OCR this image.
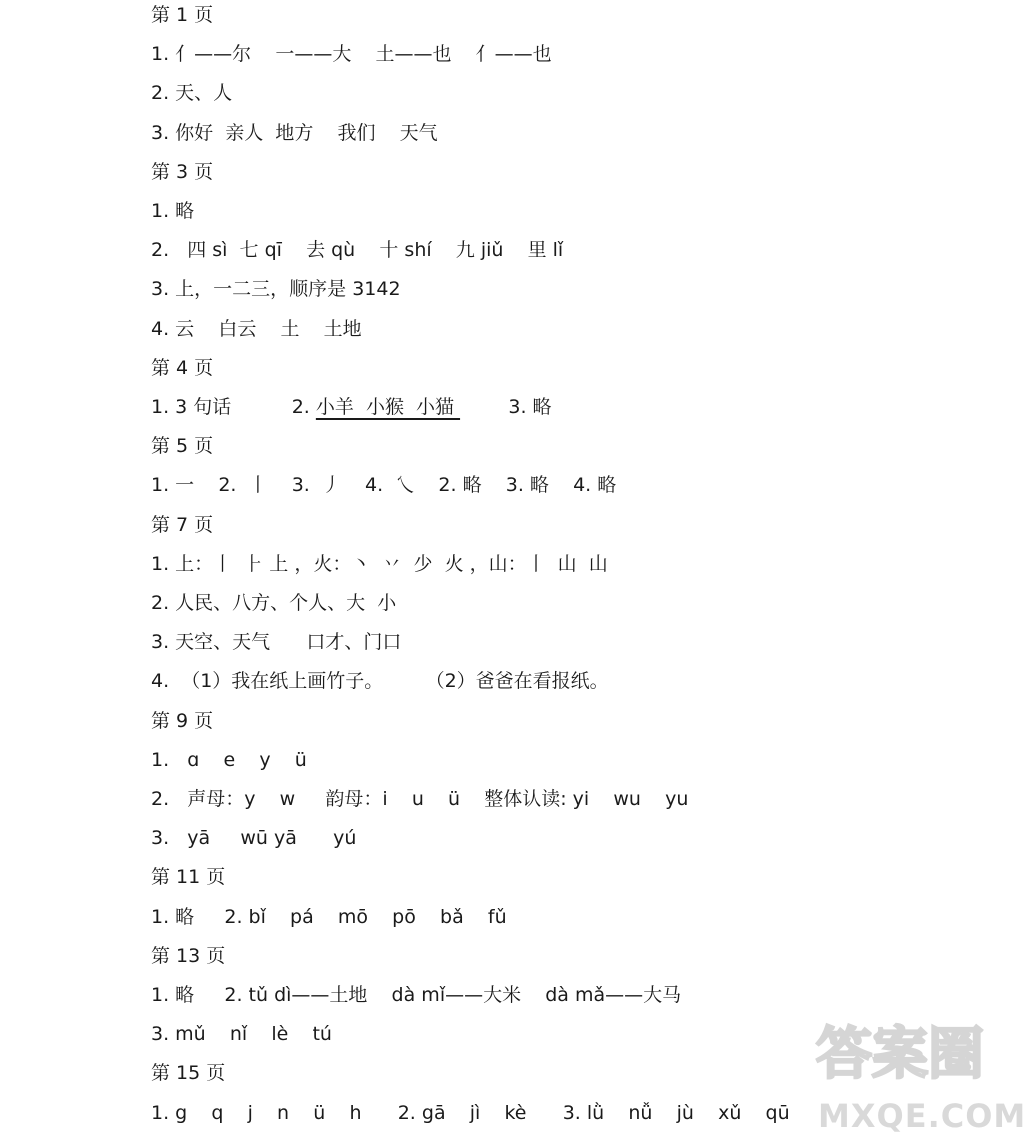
第 1 页
1. 亻——尔    一——大    土——也    亻——也
2. 天、人
3. 你好  亲人  地方    我们    天气
第 3 页
1. 略
2.   四 sì  七 qī    去 qù    十 shí    九 jiǔ    里 lǐ
3. 上，一二三，顺序是 3142
4. 云    白云    土    土地
第 4 页
1. 3 句话          2. 小羊  小猴  小猫         3. 略
第 5 页
1. 一    2.  丨    3.  丿    4.  乀    2. 略    3. 略    4. 略
第 7 页
1. 上：丨  ⺊ 上 ，火：丶  丷  少  火 ，山：丨  山  山
2. 人民、八方、个人、大  小
3. 天空、天气      口才、门口
4.  （1）我在纸上画竹子。       （2）爸爸在看报纸。
第 9 页
1.   ɑ    e    y    ü
2.   声母：y    w     韵母：i    u    ü    整体认读: yi    wu    yu
3.   yā     wū yā      yú
第 11 页
1. 略     2. bǐ    pá    mō    pō    bǎ    fǔ
第 13 页
1. 略     2. tǔ dì——土地    dà mǐ——大米    dà mǎ——大马
3. mǔ    nǐ    lè    tú
第 15 页
1. g    q    j    n    ü    h      2. gā    jì    kè      3. lǜ    nǚ    jù    xǔ    qū
答案圈
MXQE.COM
